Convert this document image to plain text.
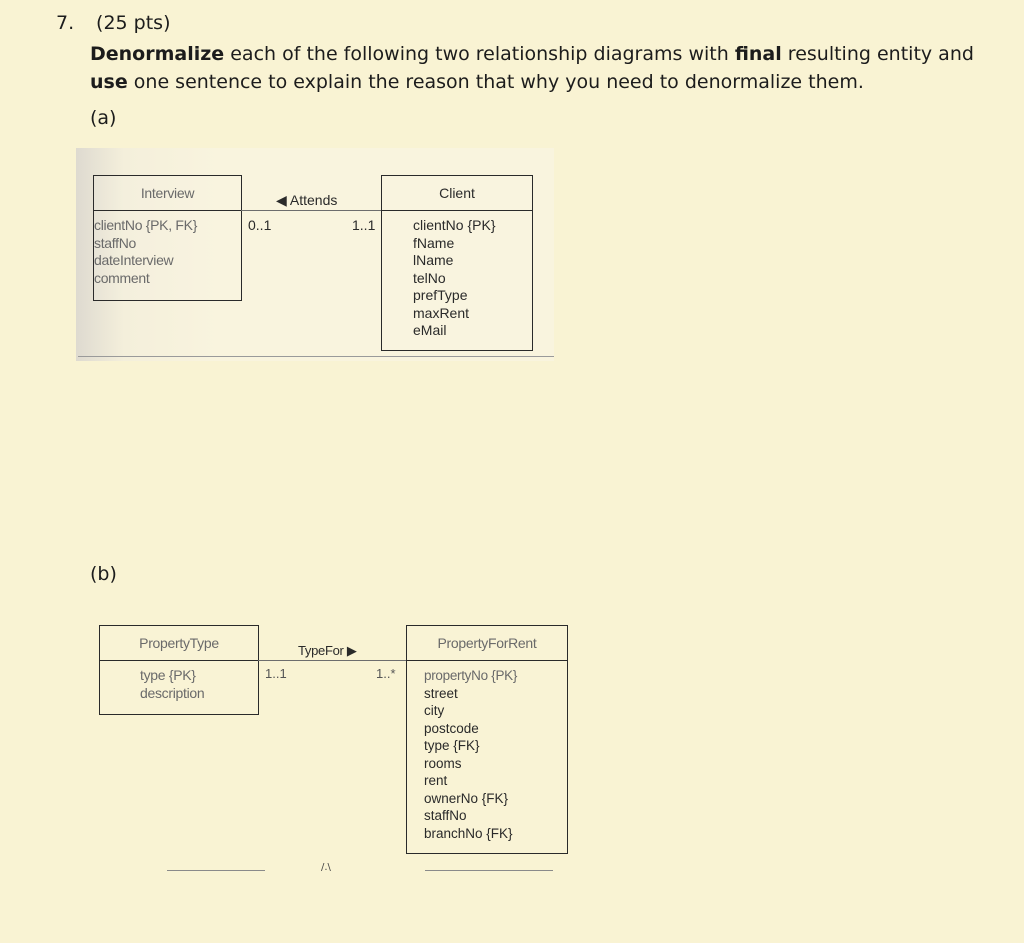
7. (25 pts)
Denormalize each of the following two relationship diagrams with final resulting entity and use one sentence to explain the reason that why you need to denormalize them.
(a)
Interview
clientNo {PK, FK}
staffNo
dateInterview
comment
◀ Attends
0..1	1..1
Client
clientNo {PK}
fName
lName
telNo
prefType
maxRent
eMail
(b)
PropertyType
type {PK}
description
TypeFor ▶
1..1	1..*
PropertyForRent
propertyNo {PK}
street
city
postcode
type {FK}
rooms
rent
ownerNo {FK}
staffNo
branchNo {FK}
/.\
